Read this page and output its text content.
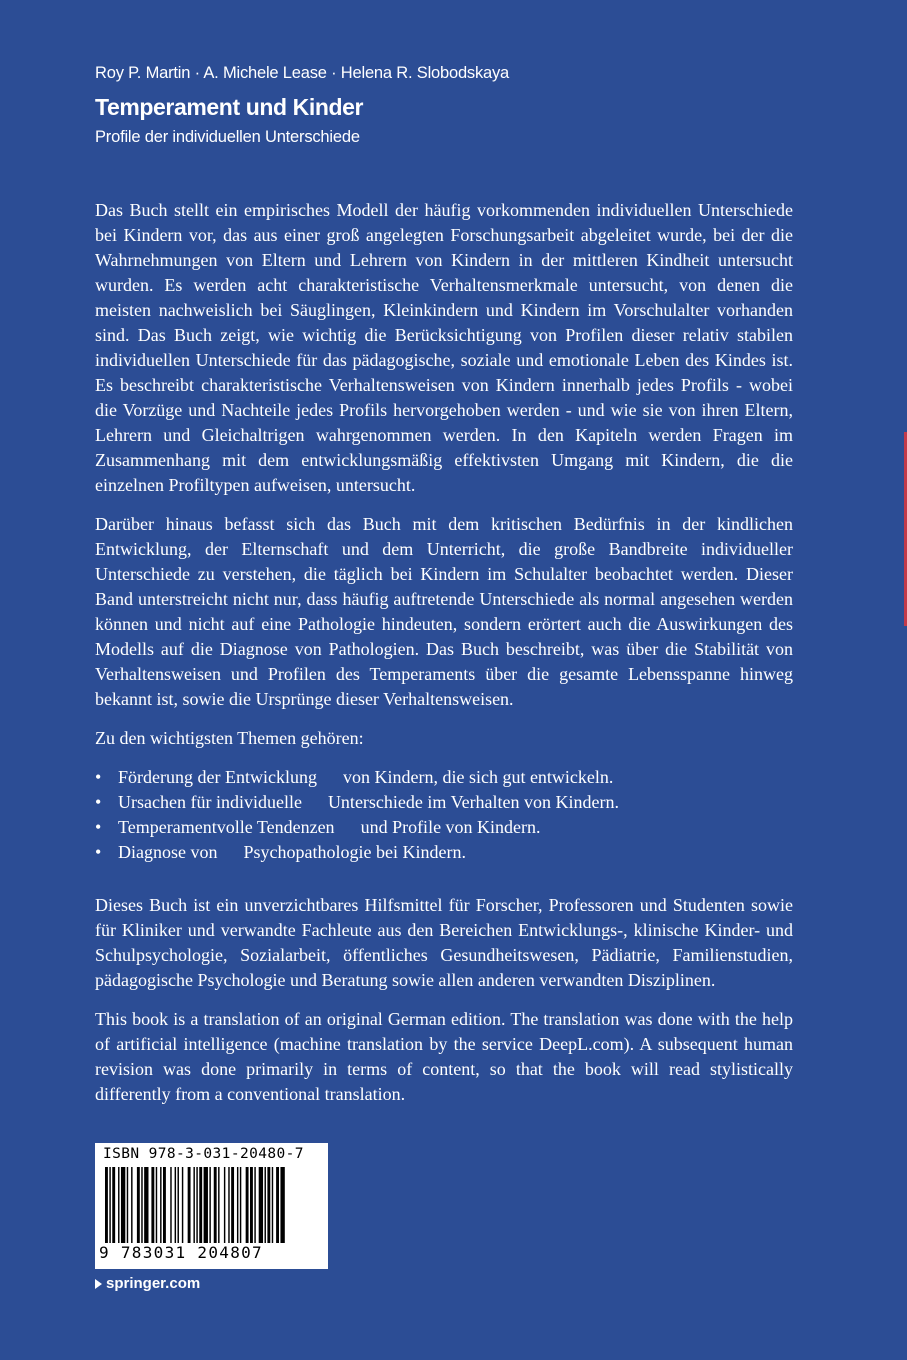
Roy P. Martin · A. Michele Lease · Helena R. Slobodskaya
Temperament und Kinder
Profile der individuellen Unterschiede

Das Buch stellt ein empirisches Modell der häufig vorkommenden individuellen Unterschiede bei Kindern vor, das aus einer groß angelegten Forschungsarbeit abgeleitet wurde, bei der die Wahrnehmungen von Eltern und Lehrern von Kindern in der mittleren Kindheit untersucht wurden. Es werden acht charakteristische Verhaltensmerkmale untersucht, von denen die meisten nachweislich bei Säuglingen, Kleinkindern und Kindern im Vorschulalter vorhanden sind. Das Buch zeigt, wie wichtig die Berücksichtigung von Profilen dieser relativ stabilen individuellen Unterschiede für das pädagogische, soziale und emotionale Leben des Kindes ist. Es beschreibt charakteristische Verhaltensweisen von Kindern innerhalb jedes Profils - wobei die Vorzüge und Nachteile jedes Profils hervorgehoben werden - und wie sie von ihren Eltern, Lehrern und Gleichaltrigen wahrgenommen werden. In den Kapiteln werden Fragen im Zusammenhang mit dem entwicklungsmäßig effektivsten Umgang mit Kindern, die die einzelnen Profiltypen aufweisen, untersucht.

Darüber hinaus befasst sich das Buch mit dem kritischen Bedürfnis in der kindlichen Entwicklung, der Elternschaft und dem Unterricht, die große Bandbreite individueller Unterschiede zu verstehen, die täglich bei Kindern im Schulalter beobachtet werden. Dieser Band unterstreicht nicht nur, dass häufig auftretende Unterschiede als normal angesehen werden können und nicht auf eine Pathologie hindeuten, sondern erörtert auch die Auswirkungen des Modells auf die Diagnose von Pathologien. Das Buch beschreibt, was über die Stabilität von Verhaltensweisen und Profilen des Temperaments über die gesamte Lebensspanne hinweg bekannt ist, sowie die Ursprünge dieser Verhaltensweisen.

Zu den wichtigsten Themen gehören:

• Förderung der Entwicklung von Kindern, die sich gut entwickeln.
• Ursachen für individuelle Unterschiede im Verhalten von Kindern.
• Temperamentvolle Tendenzen und Profile von Kindern.
• Diagnose von Psychopathologie bei Kindern.

Dieses Buch ist ein unverzichtbares Hilfsmittel für Forscher, Professoren und Studenten sowie für Kliniker und verwandte Fachleute aus den Bereichen Entwicklungs-, klinische Kinder- und Schulpsychologie, Sozialarbeit, öffentliches Gesundheitswesen, Pädiatrie, Familienstudien, pädagogische Psychologie und Beratung sowie allen anderen verwandten Disziplinen.

This book is a translation of an original German edition. The translation was done with the help of artificial intelligence (machine translation by the service DeepL.com). A subsequent human revision was done primarily in terms of content, so that the book will read stylistically differently from a conventional translation.

ISBN 978-3-031-20480-7
9 783031 204807
springer.com
